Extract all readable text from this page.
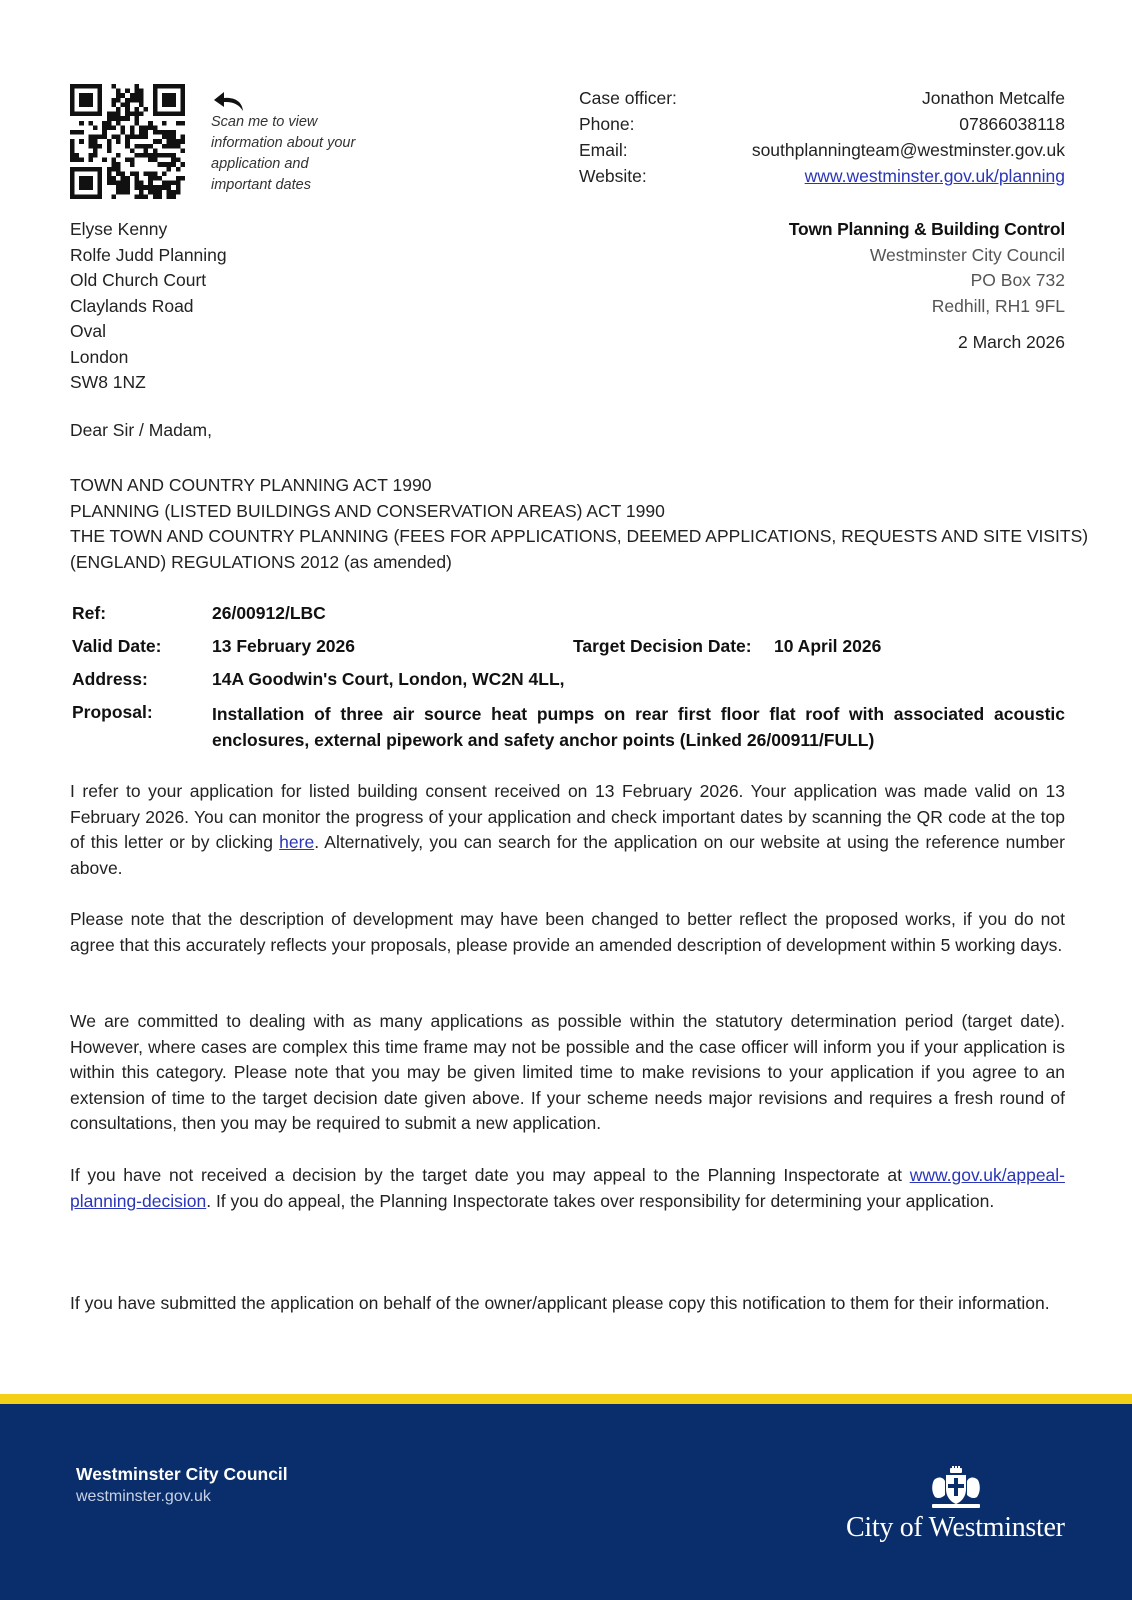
Scan me to view information about your application and important dates
Case officer:	Jonathon Metcalfe
Phone:	07866038118
Email:	southplanningteam@westminster.gov.uk
Website:	www.westminster.gov.uk/planning
Elyse Kenny
Rolfe Judd Planning
Old Church Court
Claylands Road
Oval
London
SW8 1NZ
Town Planning & Building Control
Westminster City Council
PO Box 732
Redhill, RH1 9FL
2 March 2026
Dear Sir / Madam,
TOWN AND COUNTRY PLANNING ACT 1990
PLANNING (LISTED BUILDINGS AND CONSERVATION AREAS) ACT 1990
THE TOWN AND COUNTRY PLANNING (FEES FOR APPLICATIONS, DEEMED APPLICATIONS, REQUESTS AND SITE VISITS)
(ENGLAND) REGULATIONS 2012 (as amended)
Ref:	26/00912/LBC
Valid Date:	13 February 2026	Target Decision Date: 10 April 2026
Address:	14A Goodwin's Court, London, WC2N 4LL,
Proposal:	Installation of three air source heat pumps on rear first floor flat roof with associated acoustic enclosures, external pipework and safety anchor points (Linked 26/00911/FULL)

I refer to your application for listed building consent received on 13 February 2026. Your application was made valid on 13 February 2026. You can monitor the progress of your application and check important dates by scanning the QR code at the top of this letter or by clicking here. Alternatively, you can search for the application on our website at using the reference number above.

Please note that the description of development may have been changed to better reflect the proposed works, if you do not agree that this accurately reflects your proposals, please provide an amended description of development within 5 working days.

We are committed to dealing with as many applications as possible within the statutory determination period (target date). However, where cases are complex this time frame may not be possible and the case officer will inform you if your application is within this category. Please note that you may be given limited time to make revisions to your application if you agree to an extension of time to the target decision date given above. If your scheme needs major revisions and requires a fresh round of consultations, then you may be required to submit a new application.

If you have not received a decision by the target date you may appeal to the Planning Inspectorate at www.gov.uk/appeal-planning-decision. If you do appeal, the Planning Inspectorate takes over responsibility for determining your application.

If you have submitted the application on behalf of the owner/applicant please copy this notification to them for their information.

Westminster City Council
westminster.gov.uk
City of Westminster
